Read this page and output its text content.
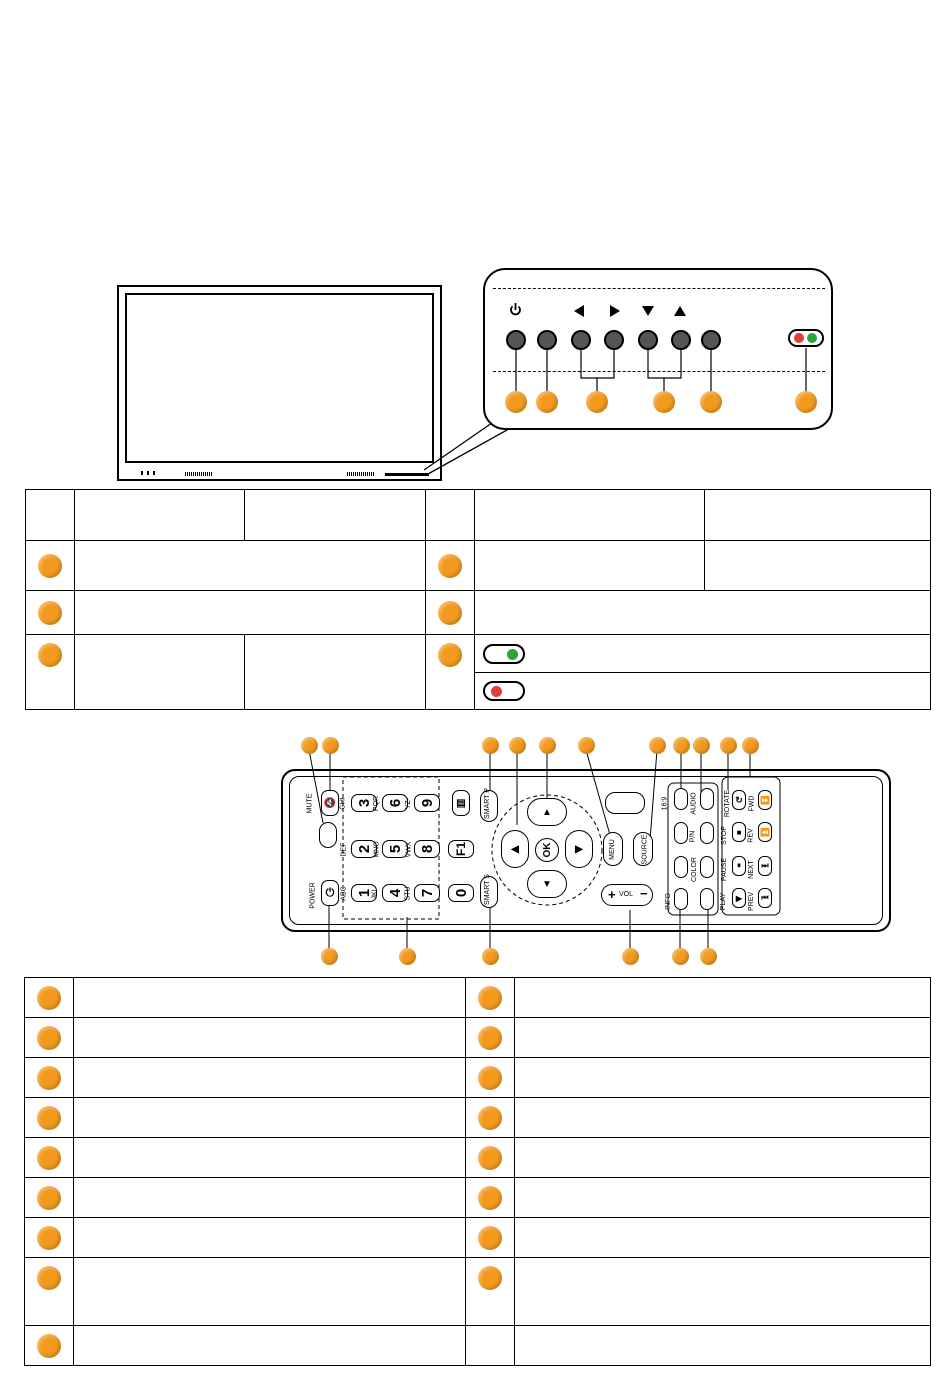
🔇
MUTE
⏻
POWER
3 6	9
2 5	8
1 4	7	0
F1
▤
GHI	PQR	YZ-
DEF	MNO	VWX
ABC	JKL	STU
SMART P
SMART S
▲
▼
◀	▶
OK	MENU	SOURCE
+ VOL −
16:9	AUDIO
P/N
COLOR
INFO
↻
ROTATE	⏩
FWD
■
STOP	⏪
REV
⏸
PAUSE	⏭
NEXT
▶
PLAY	⏮
PREV
